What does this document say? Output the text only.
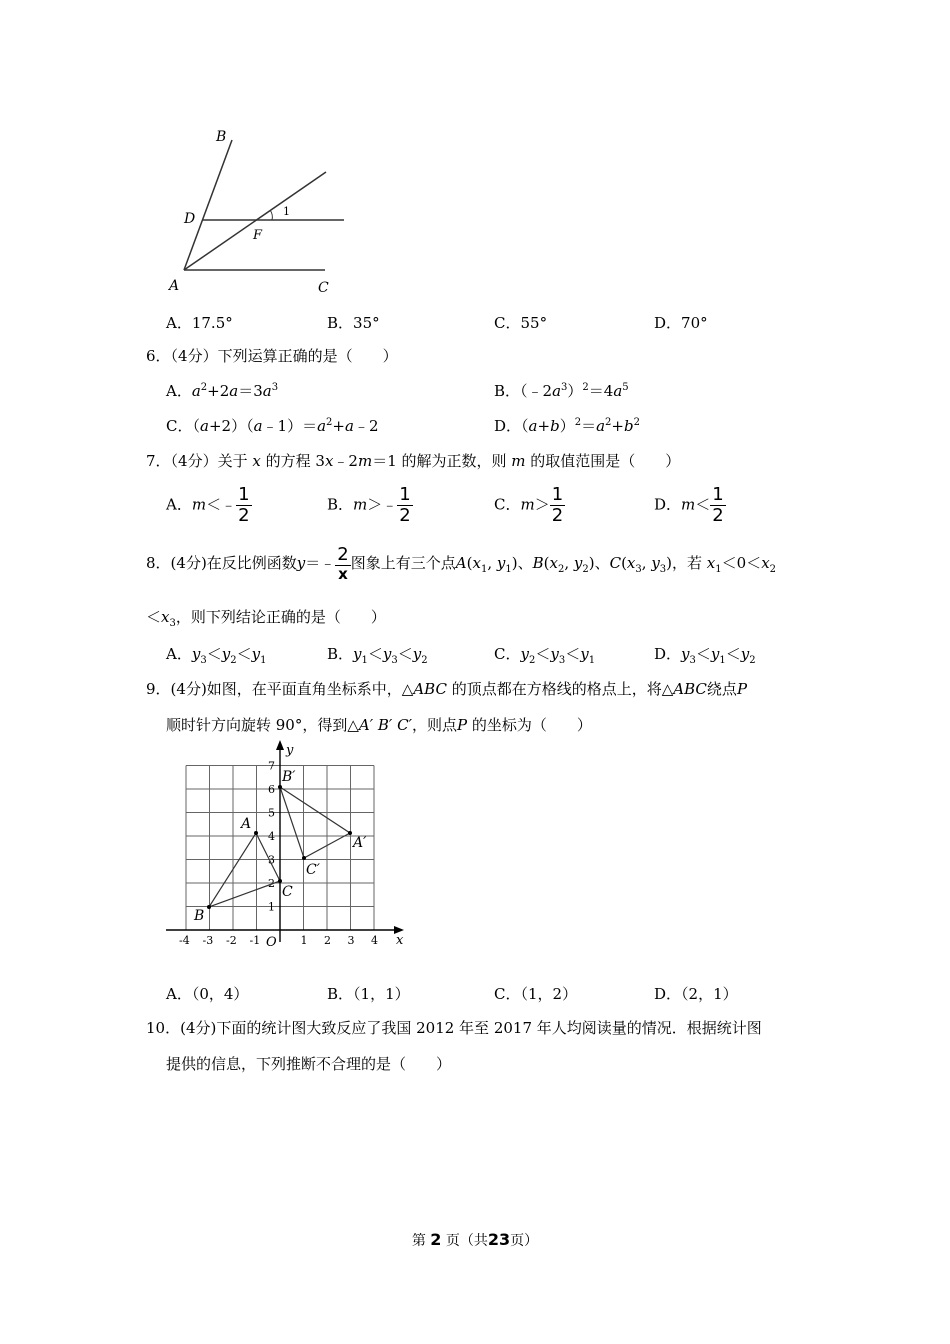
B
D
F
1
A	C
A．17.5°	B．35°	C．55°	D．70°
6．（4分）下列运算正确的是（　　）
A．$a^2+2a=3a^3$	B．$(﹣2a^3)^2=4a^5$
C．$(a+2)(a﹣1)=a^2+a﹣2$	D．$(a+b)^2=a^2+b^2$
7．（4分）关于 x 的方程 3x﹣2m＝1 的解为正数，则 m 的取值范围是（　　）
A．m＜﹣ $\frac{1}{2}$	B．m＞﹣ $\frac{1}{2}$	C．$m> \frac{1}{2}$	D．$m< \frac{1}{2}$
8．(4分)在反比例函数y＝﹣ $\frac{2}{x}$ 图象上有三个点$A(x_1$, $y_1$)、$B(x_2$, $y_2$)、$C(x_3$, $y_3$)，若 $x_1<0<x_2$
$<x_3$，则下列结论正确的是（　　）
A．$y_3<y_2<y_1$	B．$y_1<y_3<y_2$	C．$y_2<y_3<y_1$	D．$y_3<y_1<y_2$
9．(4分)如图，在平面直角坐标系中，△ABC 的顶点都在方格线的格点上，将△ABC绕点P
顺时针方向旋转 90°，得到△A′ B′ C′，则点P 的坐标为（　　）
-4 -3 -2 -1	1 2 3 4
1
2
3
4
5
6
7
x
y
O
A
B
C
A′
B′
C′
A．（0，4）	B．（1，1）	C．（1，2）	D．（2，1）
10．(4分)下面的统计图大致反应了我国 2012 年至 2017 年人均阅读量的情况．根据统计图
提供的信息，下列推断不合理的是（　　）
第 2 页（共23页）
